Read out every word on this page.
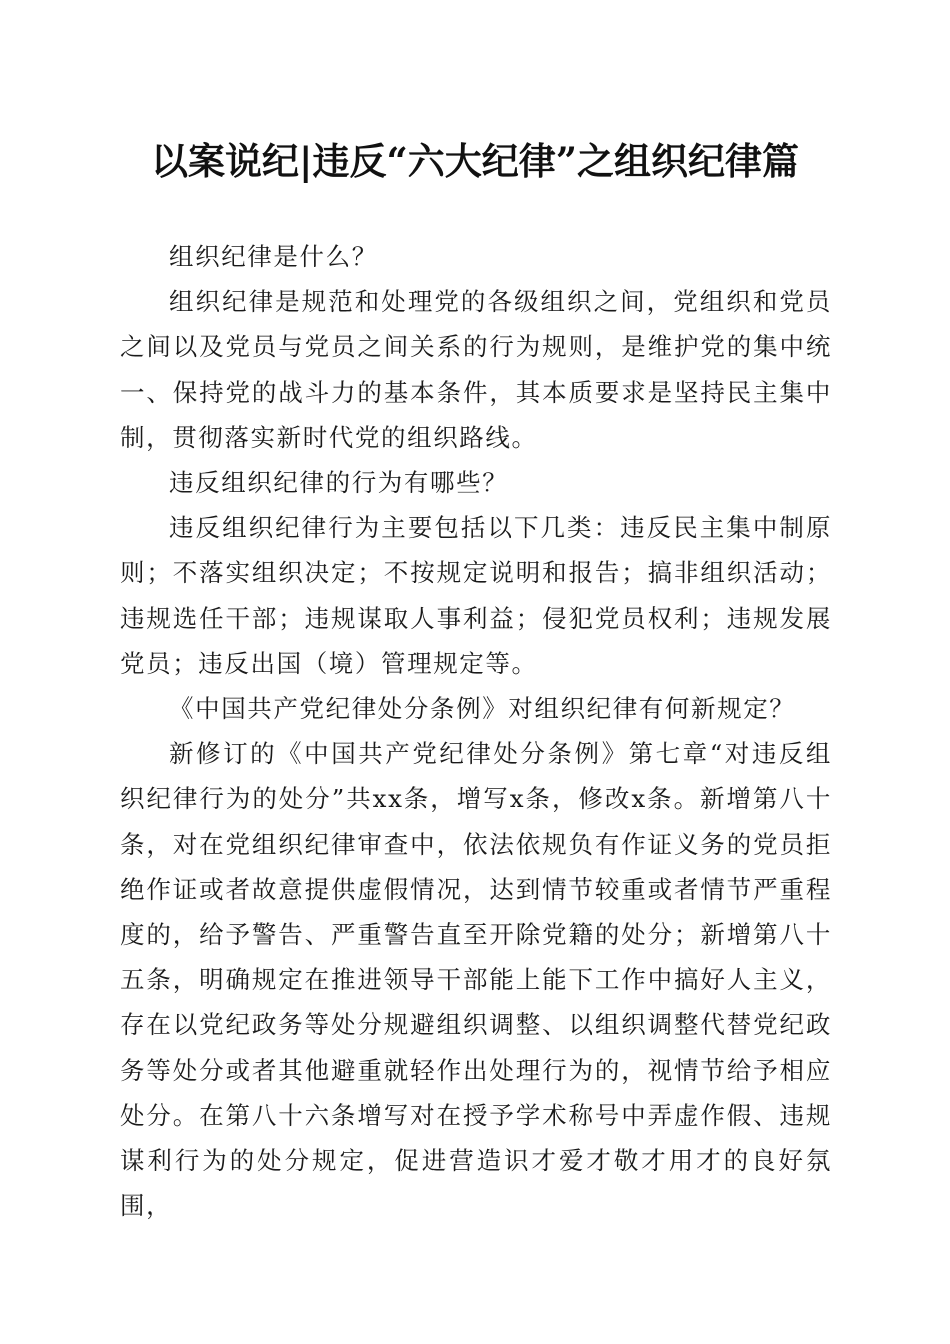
以案说纪|违反“六大纪律”之组织纪律篇

组织纪律是什么？

组织纪律是规范和处理党的各级组织之间，党组织和党员之间以及党员与党员之间关系的行为规则，是维护党的集中统一、保持党的战斗力的基本条件，其本质要求是坚持民主集中制，贯彻落实新时代党的组织路线。

违反组织纪律的行为有哪些？

违反组织纪律行为主要包括以下几类：违反民主集中制原则；不落实组织决定；不按规定说明和报告；搞非组织活动；违规选任干部；违规谋取人事利益；侵犯党员权利；违规发展党员；违反出国（境）管理规定等。

《中国共产党纪律处分条例》对组织纪律有何新规定？

新修订的《中国共产党纪律处分条例》第七章“对违反组织纪律行为的处分”共xx条，增写x条，修改x条。新增第八十条，对在党组织纪律审查中，依法依规负有作证义务的党员拒绝作证或者故意提供虚假情况，达到情节较重或者情节严重程度的，给予警告、严重警告直至开除党籍的处分；新增第八十五条，明确规定在推进领导干部能上能下工作中搞好人主义，存在以党纪政务等处分规避组织调整、以组织调整代替党纪政务等处分或者其他避重就轻作出处理行为的，视情节给予相应处分。在第八十六条增写对在授予学术称号中弄虚作假、违规谋利行为的处分规定，促进营造识才爱才敬才用才的良好氛围，
